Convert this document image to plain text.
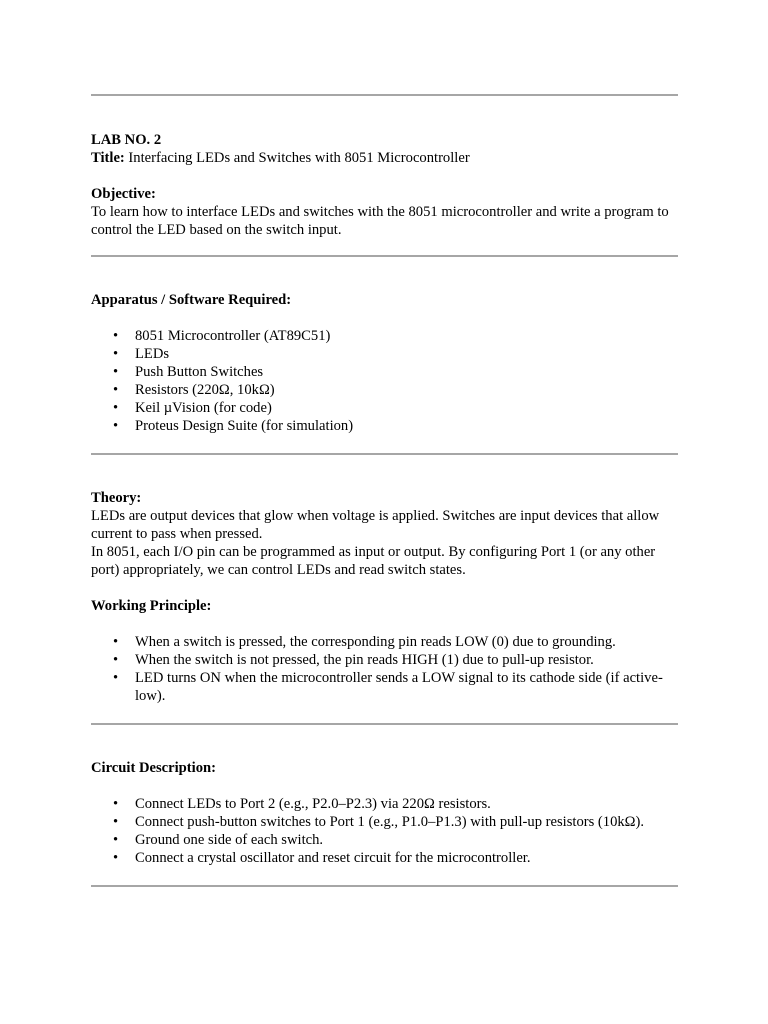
LAB NO. 2

Title: Interfacing LEDs and Switches with 8051 Microcontroller

Objective:

To learn how to interface LEDs and switches with the 8051 microcontroller and write a program to control the LED based on the switch input.

Apparatus / Software Required:

• 8051 Microcontroller (AT89C51)
• LEDs
• Push Button Switches
• Resistors (220Ω, 10kΩ)
• Keil µVision (for code)
• Proteus Design Suite (for simulation)

Theory:

LEDs are output devices that glow when voltage is applied. Switches are input devices that allow current to pass when pressed.

In 8051, each I/O pin can be programmed as input or output. By configuring Port 1 (or any other port) appropriately, we can control LEDs and read switch states.

Working Principle:

• When a switch is pressed, the corresponding pin reads LOW (0) due to grounding.
• When the switch is not pressed, the pin reads HIGH (1) due to pull-up resistor.
• LED turns ON when the microcontroller sends a LOW signal to its cathode side (if active-low).

Circuit Description:

• Connect LEDs to Port 2 (e.g., P2.0–P2.3) via 220Ω resistors.
• Connect push-button switches to Port 1 (e.g., P1.0–P1.3) with pull-up resistors (10kΩ).
• Ground one side of each switch.
• Connect a crystal oscillator and reset circuit for the microcontroller.
